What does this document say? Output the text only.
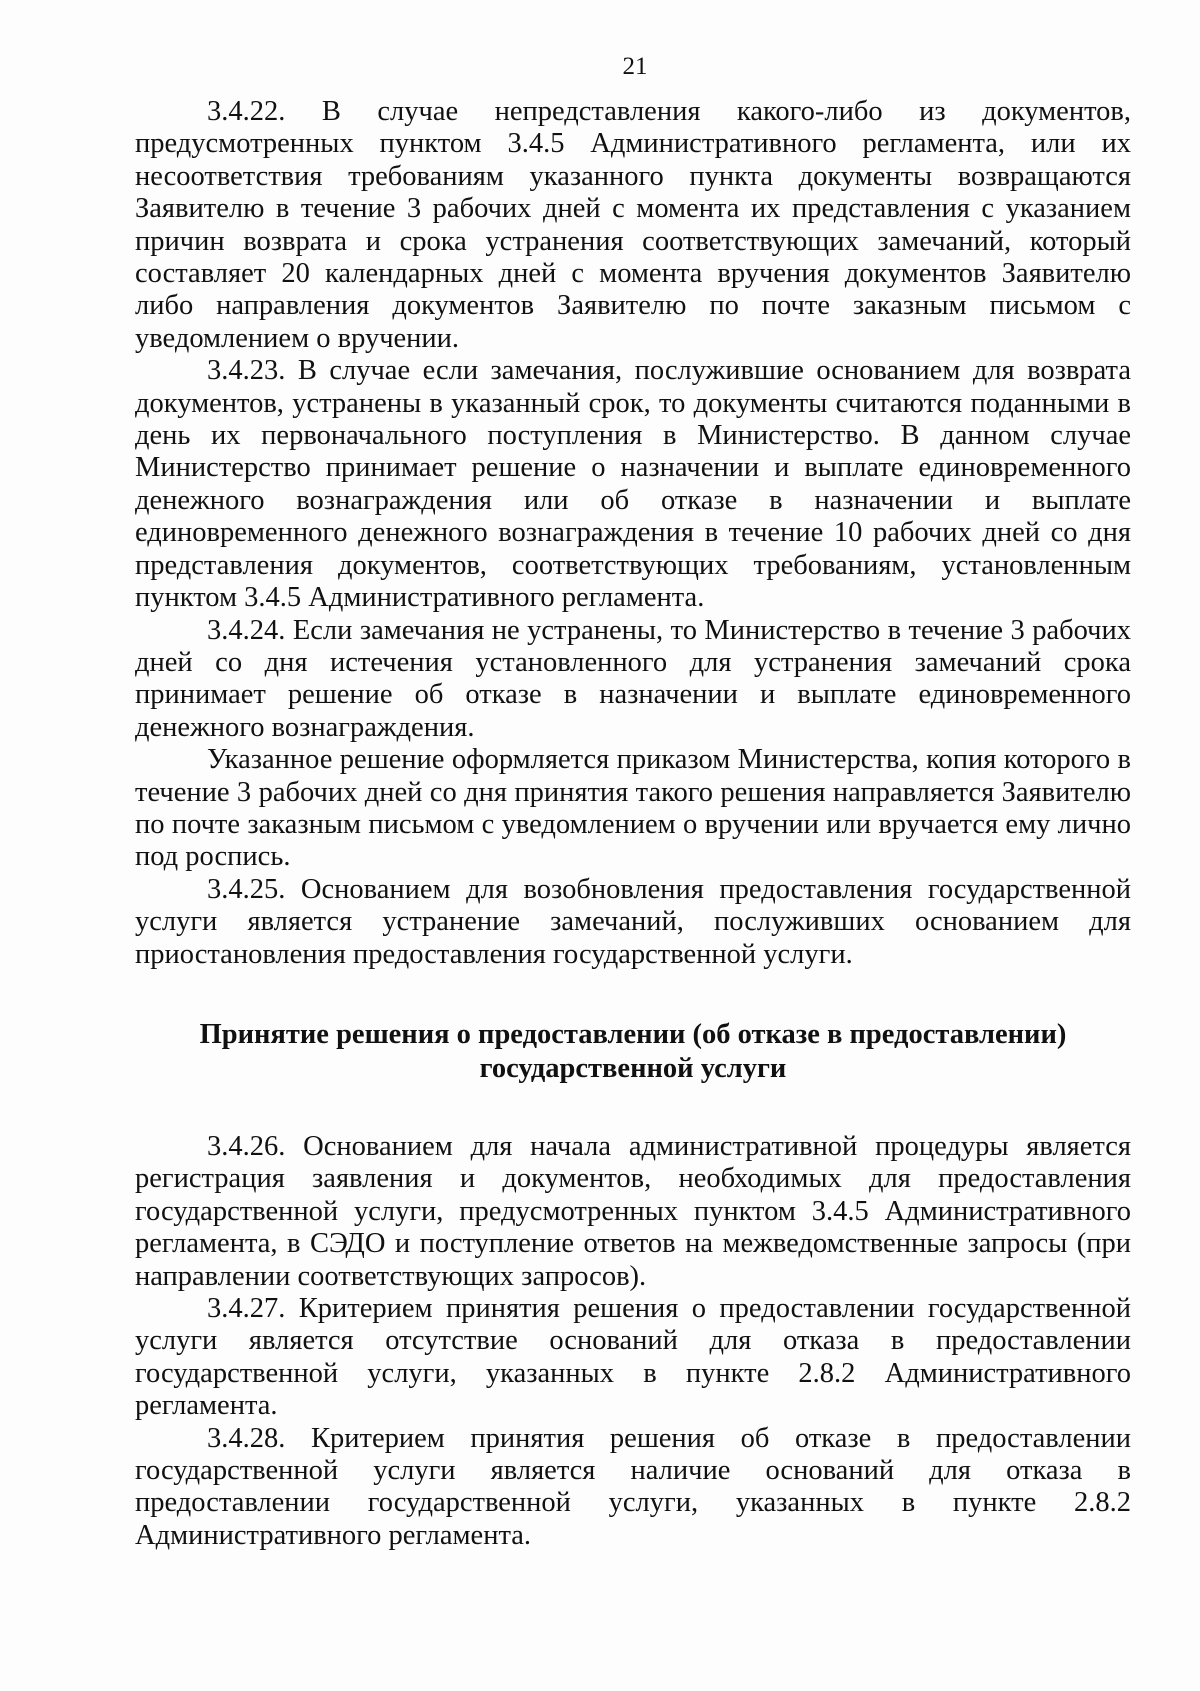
21

3.4.22. В случае непредставления какого-либо из документов, предусмотренных пунктом 3.4.5 Административного регламента, или их несоответствия требованиям указанного пункта документы возвращаются Заявителю в течение 3 рабочих дней с момента их представления с указанием причин возврата и срока устранения соответствующих замечаний, который составляет 20 календарных дней с момента вручения документов Заявителю либо направления документов Заявителю по почте заказным письмом с уведомлением о вручении.

3.4.23. В случае если замечания, послужившие основанием для возврата документов, устранены в указанный срок, то документы считаются поданными в день их первоначального поступления в Министерство. В данном случае Министерство принимает решение о назначении и выплате единовременного денежного вознаграждения или об отказе в назначении и выплате единовременного денежного вознаграждения в течение 10 рабочих дней со дня представления документов, соответствующих требованиям, установленным пунктом 3.4.5 Административного регламента.

3.4.24. Если замечания не устранены, то Министерство в течение 3 рабочих дней со дня истечения установленного для устранения замечаний срока принимает решение об отказе в назначении и выплате единовременного денежного вознаграждения.

Указанное решение оформляется приказом Министерства, копия которого в течение 3 рабочих дней со дня принятия такого решения направляется Заявителю по почте заказным письмом с уведомлением о вручении или вручается ему лично под роспись.

3.4.25. Основанием для возобновления предоставления государственной услуги является устранение замечаний, послуживших основанием для приостановления предоставления государственной услуги.

Принятие решения о предоставлении (об отказе в предоставлении)
государственной услуги

3.4.26. Основанием для начала административной процедуры является регистрация заявления и документов, необходимых для предоставления государственной услуги, предусмотренных пунктом 3.4.5 Административного регламента, в СЭДО и поступление ответов на межведомственные запросы (при направлении соответствующих запросов).

3.4.27. Критерием принятия решения о предоставлении государственной услуги является отсутствие оснований для отказа в предоставлении государственной услуги, указанных в пункте 2.8.2 Административного регламента.

3.4.28. Критерием принятия решения об отказе в предоставлении государственной услуги является наличие оснований для отказа в предоставлении государственной услуги, указанных в пункте 2.8.2 Административного регламента.
